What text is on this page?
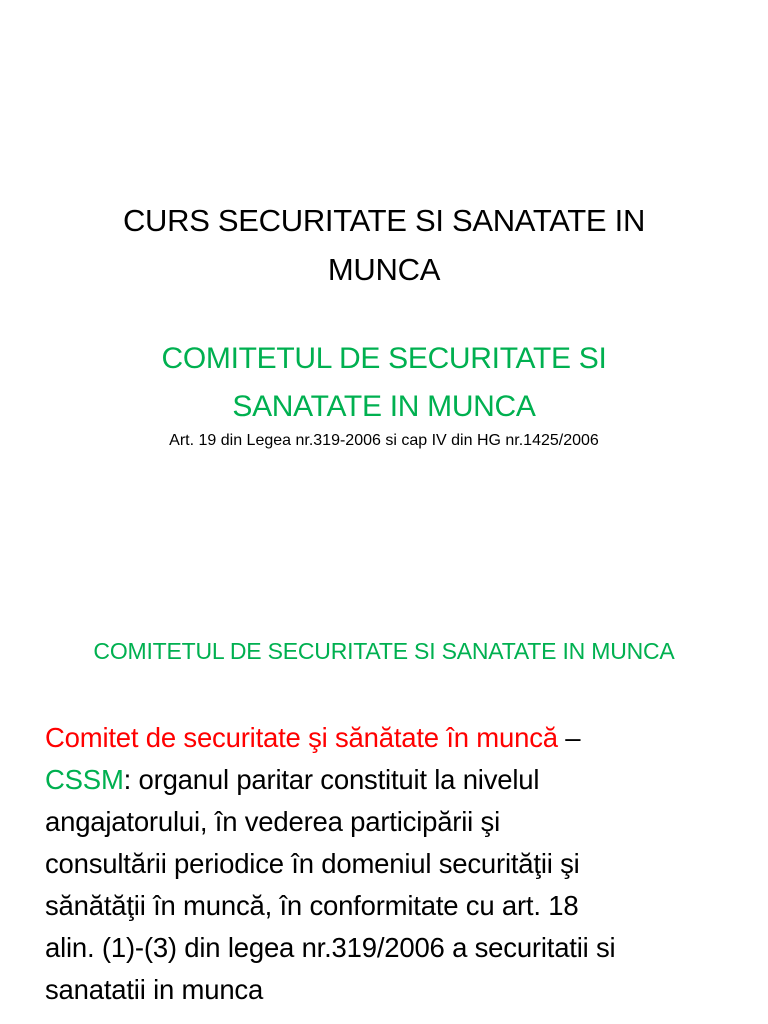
CURS SECURITATE SI SANATATE IN
MUNCA
COMITETUL DE SECURITATE SI
SANATATE IN MUNCA
Art. 19 din Legea nr.319-2006 si cap IV din HG nr.1425/2006
COMITETUL DE SECURITATE SI SANATATE IN MUNCA
Comitet de securitate şi sănătate în muncă –
CSSM: organul paritar constituit la nivelul
angajatorului, în vederea participării şi
consultării periodice în domeniul securităţii şi
sănătăţii în muncă, în conformitate cu art. 18
alin. (1)-(3) din legea nr.319/2006 a securitatii si
sanatatii in munca
